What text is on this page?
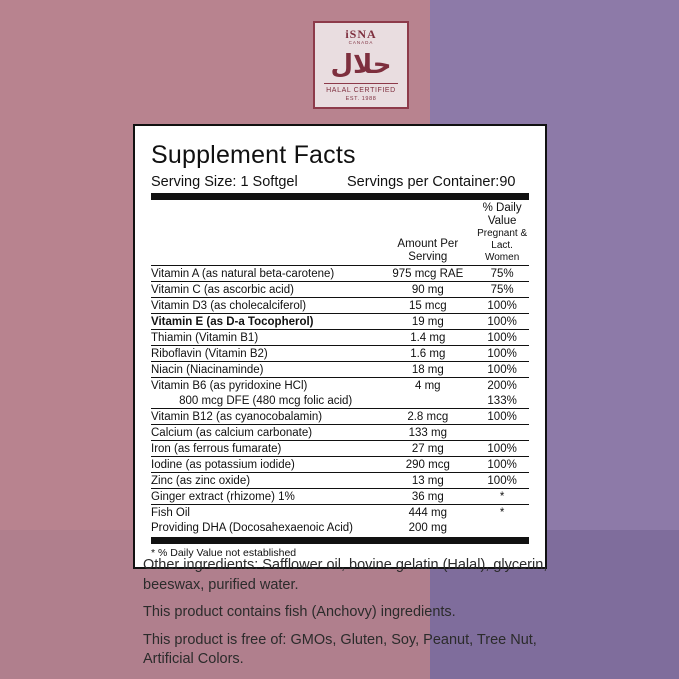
iSNA
CANADA
حلال
HALAL CERTIFIED
EST. 1988
Supplement Facts
Serving Size: 1 Softgel	Servings per Container:90

Amount Per
Serving

% Daily Value
Pregnant &
Lact. Women

Vitamin A (as natural beta-carotene)	975 mcg RAE	75%
Vitamin C (as ascorbic acid)	90 mg	75%
Vitamin D3 (as cholecalciferol)	15 mcg	100%
Vitamin E (as D-a Tocopherol)	19 mg	100%
Thiamin (Vitamin B1)	1.4 mg	100%
Riboflavin (Vitamin B2)	1.6 mg	100%
Niacin (Niacinaminde)	18 mg	100%
Vitamin B6 (as pyridoxine HCl)	4 mg	200%
800 mcg DFE (480 mcg folic acid)		133%
Vitamin B12 (as cyanocobalamin)	2.8 mcg	100%
Calcium (as calcium carbonate)	133 mg	
Iron (as ferrous fumarate)	27 mg	100%
Iodine (as potassium iodide)	290 mcg	100%
Zinc (as zinc oxide)	13 mg	100%
Ginger extract (rhizome) 1%	36 mg	*
Fish Oil	444 mg	*
Providing DHA (Docosahexaenoic Acid)	200 mg	
* % Daily Value not established

Other ingredients: Safflower oil, bovine gelatin (Halal), glycerin, beeswax, purified water.

This product contains fish (Anchovy) ingredients.

This product is free of: GMOs, Gluten, Soy, Peanut, Tree Nut, Artificial Colors.
